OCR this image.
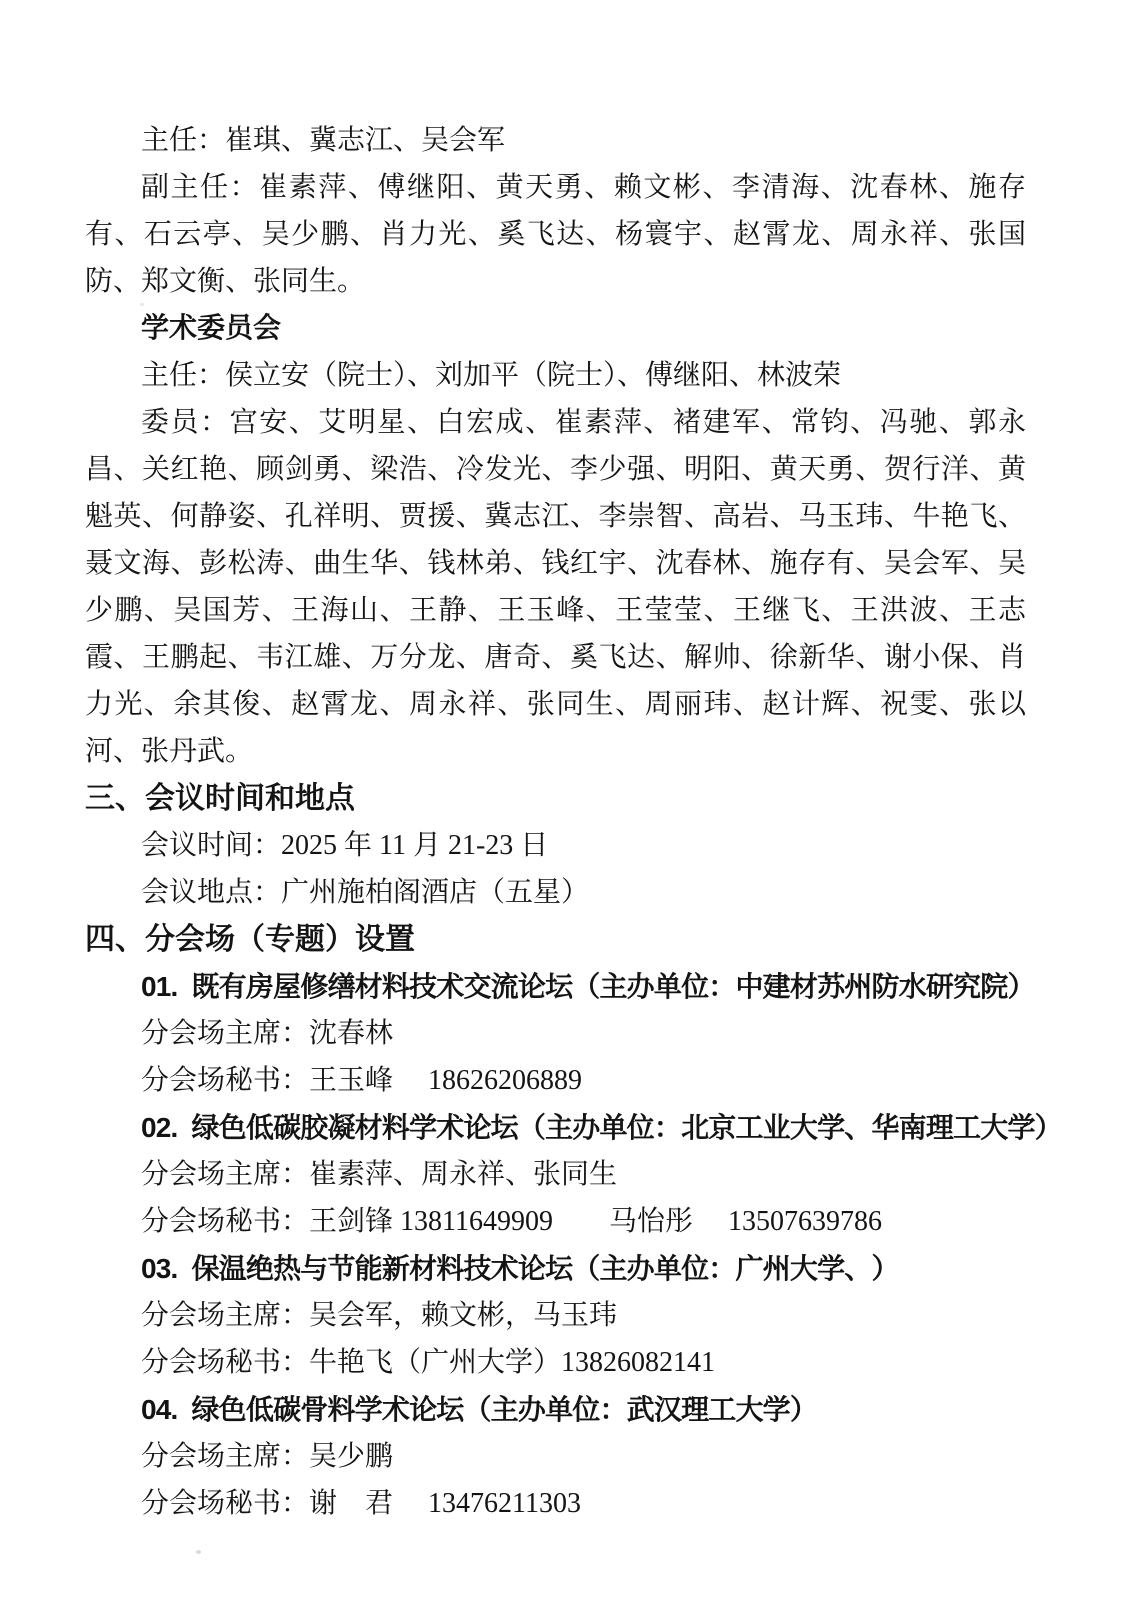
主任：崔琪、冀志江、吴会军

副主任：崔素萍、傅继阳、黄天勇、赖文彬、李清海、沈春林、施存有、石云亭、吴少鹏、肖力光、奚飞达、杨寰宇、赵霄龙、周永祥、张国防、郑文衡、张同生。

学术委员会

主任：侯立安（院士）、刘加平（院士）、傅继阳、林波荣

委员：宫安、艾明星、白宏成、崔素萍、褚建军、常钧、冯驰、郭永昌、关红艳、顾剑勇、梁浩、冷发光、李少强、明阳、黄天勇、贺行洋、黄魁英、何静姿、孔祥明、贾援、冀志江、李崇智、高岩、马玉玮、牛艳飞、聂文海、彭松涛、曲生华、钱林弟、钱红宇、沈春林、施存有、吴会军、吴少鹏、吴国芳、王海山、王静、王玉峰、王莹莹、王继飞、王洪波、王志霞、王鹏起、韦江雄、万分龙、唐奇、奚飞达、解帅、徐新华、谢小保、肖力光、余其俊、赵霄龙、周永祥、张同生、周丽玮、赵计辉、祝雯、张以河、张丹武。

三、会议时间和地点

会议时间：2025 年 11 月 21-23 日

会议地点：广州施柏阁酒店（五星）

四、分会场（专题）设置

01.  既有房屋修缮材料技术交流论坛（主办单位：中建材苏州防水研究院）

分会场主席：沈春林

分会场秘书：王玉峰　 18626206889

02.  绿色低碳胶凝材料学术论坛（主办单位：北京工业大学、华南理工大学）

分会场主席：崔素萍、周永祥、张同生

分会场秘书：王剑锋 13811649909　　马怡彤　 13507639786

03.  保温绝热与节能新材料技术论坛（主办单位：广州大学、）

分会场主席：吴会军，赖文彬，马玉玮

分会场秘书：牛艳飞（广州大学）13826082141

04.  绿色低碳骨料学术论坛（主办单位：武汉理工大学）

分会场主席：吴少鹏

分会场秘书：谢　君　 13476211303
